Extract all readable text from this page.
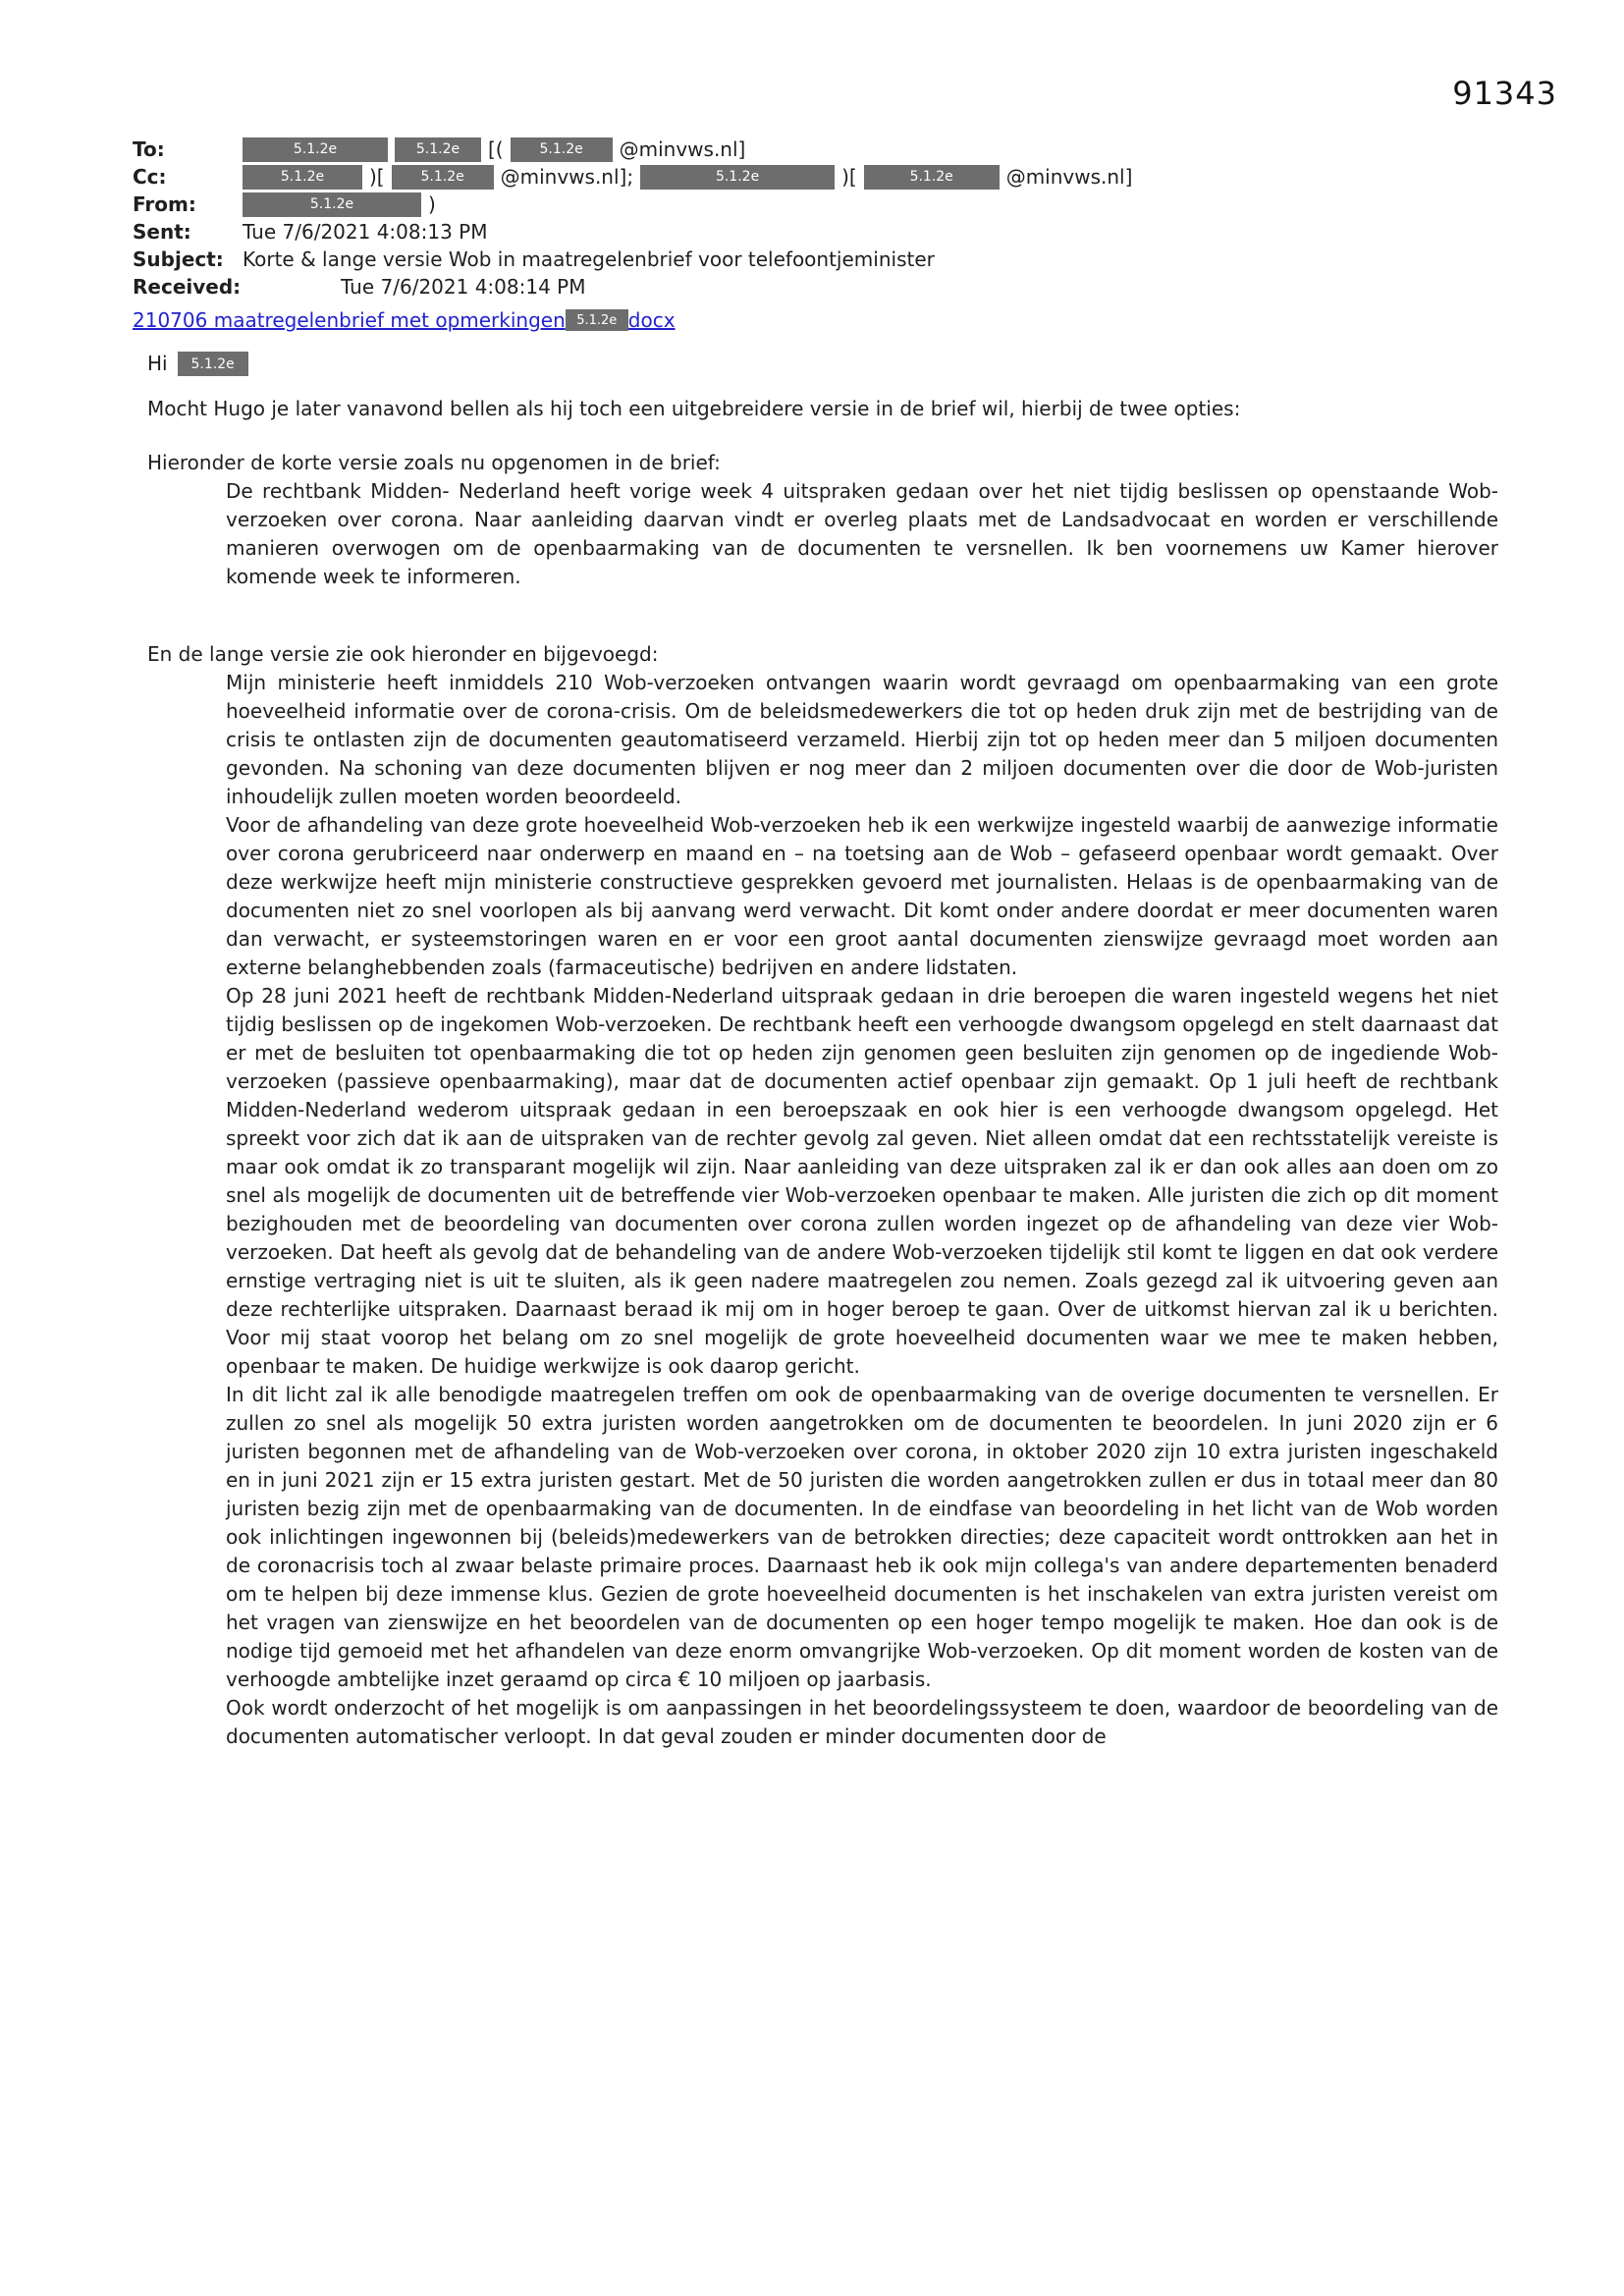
91343
To:	5.1.2e	5.1.2e [(	5.1.2e @minvws.nl]
Cc:	5.1.2e )[	5.1.2e @minvws.nl];	5.1.2e	)[	5.1.2e	@minvws.nl]
From:	5.1.2e	)
Sent:	Tue 7/6/2021 4:08:13 PM
Subject: Korte & lange versie Wob in maatregelenbrief voor telefoontjeminister
Received:	Tue 7/6/2021 4:08:14 PM
210706 maatregelenbrief met opmerkingen 5.1.2e docx
Hi 5.1.2e

Mocht Hugo je later vanavond bellen als hij toch een uitgebreidere versie in de brief wil, hierbij de twee opties:

Hieronder de korte versie zoals nu opgenomen in de brief:

De rechtbank Midden- Nederland heeft vorige week 4 uitspraken gedaan over het niet tijdig beslissen op openstaande Wob-verzoeken over corona. Naar aanleiding daarvan vindt er overleg plaats met de Landsadvocaat en worden er verschillende manieren overwogen om de openbaarmaking van de documenten te versnellen. Ik ben voornemens uw Kamer hierover komende week te informeren.

En de lange versie zie ook hieronder en bijgevoegd:

Mijn ministerie heeft inmiddels 210 Wob-verzoeken ontvangen waarin wordt gevraagd om openbaarmaking van een grote hoeveelheid informatie over de corona-crisis. Om de beleidsmedewerkers die tot op heden druk zijn met de bestrijding van de crisis te ontlasten zijn de documenten geautomatiseerd verzameld. Hierbij zijn tot op heden meer dan 5 miljoen documenten gevonden. Na schoning van deze documenten blijven er nog meer dan 2 miljoen documenten over die door de Wob-juristen inhoudelijk zullen moeten worden beoordeeld.

Voor de afhandeling van deze grote hoeveelheid Wob-verzoeken heb ik een werkwijze ingesteld waarbij de aanwezige informatie over corona gerubriceerd naar onderwerp en maand en – na toetsing aan de Wob – gefaseerd openbaar wordt gemaakt. Over deze werkwijze heeft mijn ministerie constructieve gesprekken gevoerd met journalisten. Helaas is de openbaarmaking van de documenten niet zo snel voorlopen als bij aanvang werd verwacht. Dit komt onder andere doordat er meer documenten waren dan verwacht, er systeemstoringen waren en er voor een groot aantal documenten zienswijze gevraagd moet worden aan externe belanghebbenden zoals (farmaceutische) bedrijven en andere lidstaten.

Op 28 juni 2021 heeft de rechtbank Midden-Nederland uitspraak gedaan in drie beroepen die waren ingesteld wegens het niet tijdig beslissen op de ingekomen Wob-verzoeken. De rechtbank heeft een verhoogde dwangsom opgelegd en stelt daarnaast dat er met de besluiten tot openbaarmaking die tot op heden zijn genomen geen besluiten zijn genomen op de ingediende Wob-verzoeken (passieve openbaarmaking), maar dat de documenten actief openbaar zijn gemaakt. Op 1 juli heeft de rechtbank Midden-Nederland wederom uitspraak gedaan in een beroepszaak en ook hier is een verhoogde dwangsom opgelegd. Het spreekt voor zich dat ik aan de uitspraken van de rechter gevolg zal geven. Niet alleen omdat dat een rechtsstatelijk vereiste is maar ook omdat ik zo transparant mogelijk wil zijn. Naar aanleiding van deze uitspraken zal ik er dan ook alles aan doen om zo snel als mogelijk de documenten uit de betreffende vier Wob-verzoeken openbaar te maken. Alle juristen die zich op dit moment bezighouden met de beoordeling van documenten over corona zullen worden ingezet op de afhandeling van deze vier Wob-verzoeken. Dat heeft als gevolg dat de behandeling van de andere Wob-verzoeken tijdelijk stil komt te liggen en dat ook verdere ernstige vertraging niet is uit te sluiten, als ik geen nadere maatregelen zou nemen. Zoals gezegd zal ik uitvoering geven aan deze rechterlijke uitspraken. Daarnaast beraad ik mij om in hoger beroep te gaan. Over de uitkomst hiervan zal ik u berichten. Voor mij staat voorop het belang om zo snel mogelijk de grote hoeveelheid documenten waar we mee te maken hebben, openbaar te maken. De huidige werkwijze is ook daarop gericht.

In dit licht zal ik alle benodigde maatregelen treffen om ook de openbaarmaking van de overige documenten te versnellen. Er zullen zo snel als mogelijk 50 extra juristen worden aangetrokken om de documenten te beoordelen. In juni 2020 zijn er 6 juristen begonnen met de afhandeling van de Wob-verzoeken over corona, in oktober 2020 zijn 10 extra juristen ingeschakeld en in juni 2021 zijn er 15 extra juristen gestart. Met de 50 juristen die worden aangetrokken zullen er dus in totaal meer dan 80 juristen bezig zijn met de openbaarmaking van de documenten. In de eindfase van beoordeling in het licht van de Wob worden ook inlichtingen ingewonnen bij (beleids)medewerkers van de betrokken directies; deze capaciteit wordt onttrokken aan het in de coronacrisis toch al zwaar belaste primaire proces. Daarnaast heb ik ook mijn collega's van andere departementen benaderd om te helpen bij deze immense klus. Gezien de grote hoeveelheid documenten is het inschakelen van extra juristen vereist om het vragen van zienswijze en het beoordelen van de documenten op een hoger tempo mogelijk te maken. Hoe dan ook is de nodige tijd gemoeid met het afhandelen van deze enorm omvangrijke Wob-verzoeken. Op dit moment worden de kosten van de verhoogde ambtelijke inzet geraamd op circa € 10 miljoen op jaarbasis.

Ook wordt onderzocht of het mogelijk is om aanpassingen in het beoordelingssysteem te doen, waardoor de beoordeling van de documenten automatischer verloopt. In dat geval zouden er minder documenten door de
